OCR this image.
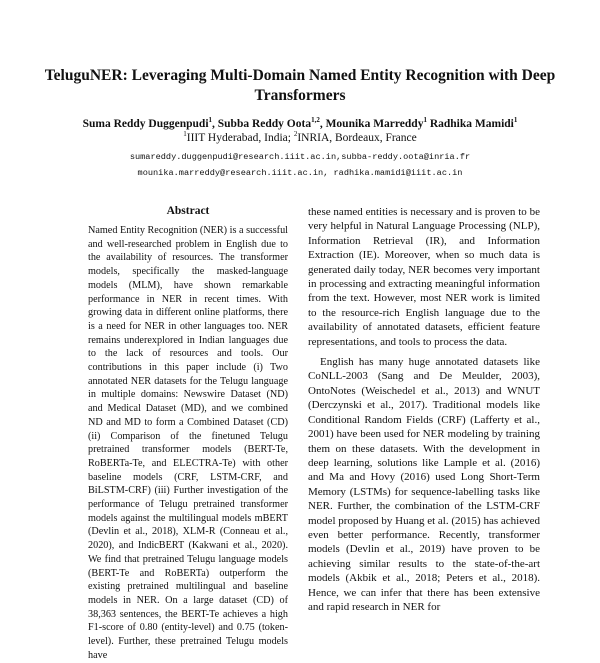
TeluguNER: Leveraging Multi-Domain Named Entity Recognition with Deep Transformers
Suma Reddy Duggenpudi$^1$, Subba Reddy Oota$^{1,2}$, Mounika Marreddy$^1$ Radhika Mamidi$^1$
$^1$IIIT Hyderabad, India; $^2$INRIA, Bordeaux, France
sumareddy.duggenpudi@research.iiit.ac.in,subba-reddy.oota@inria.fr
mounika.marreddy@research.iiit.ac.in, radhika.mamidi@iiit.ac.in
Abstract
Named Entity Recognition (NER) is a successful and well-researched problem in English due to the availability of resources. The transformer models, specifically the masked-language models (MLM), have shown remarkable performance in NER in recent times. With growing data in different online platforms, there is a need for NER in other languages too. NER remains underexplored in Indian languages due to the lack of resources and tools. Our contributions in this paper include (i) Two annotated NER datasets for the Telugu language in multiple domains: Newswire Dataset (ND) and Medical Dataset (MD), and we combined ND and MD to form a Combined Dataset (CD) (ii) Comparison of the finetuned Telugu pretrained transformer models (BERT-Te, RoBERTa-Te, and ELECTRA-Te) with other baseline models (CRF, LSTM-CRF, and BiLSTM-CRF) (iii) Further investigation of the performance of Telugu pretrained transformer models against the multilingual models mBERT (Devlin et al., 2018), XLM-R (Conneau et al., 2020), and IndicBERT (Kakwani et al., 2020). We find that pretrained Telugu language models (BERT-Te and RoBERTa) outperform the existing pretrained multilingual and baseline models in NER. On a large dataset (CD) of 38,363 sentences, the BERT-Te achieves a high F1-score of 0.80 (entity-level) and 0.75 (token-level). Further, these pretrained Telugu models have

these named entities is necessary and is proven to be very helpful in Natural Language Processing (NLP), Information Retrieval (IR), and Information Extraction (IE). Moreover, when so much data is generated daily today, NER becomes very important in processing and extracting meaningful information from the text. However, most NER work is limited to the resource-rich English language due to the availability of annotated datasets, efficient feature representations, and tools to process the data.

English has many huge annotated datasets like CoNLL-2003 (Sang and De Meulder, 2003), OntoNotes (Weischedel et al., 2013) and WNUT (Derczynski et al., 2017). Traditional models like Conditional Random Fields (CRF) (Lafferty et al., 2001) have been used for NER modeling by training them on these datasets. With the development in deep learning, solutions like Lample et al. (2016) and Ma and Hovy (2016) used Long Short-Term Memory (LSTMs) for sequence-labelling tasks like NER. Further, the combination of the LSTM-CRF model proposed by Huang et al. (2015) has achieved even better performance. Recently, transformer models (Devlin et al., 2019) have proven to be achieving similar results to the state-of-the-art models (Akbik et al., 2018; Peters et al., 2018). Hence, we can infer that there has been extensive and rapid research in NER for
